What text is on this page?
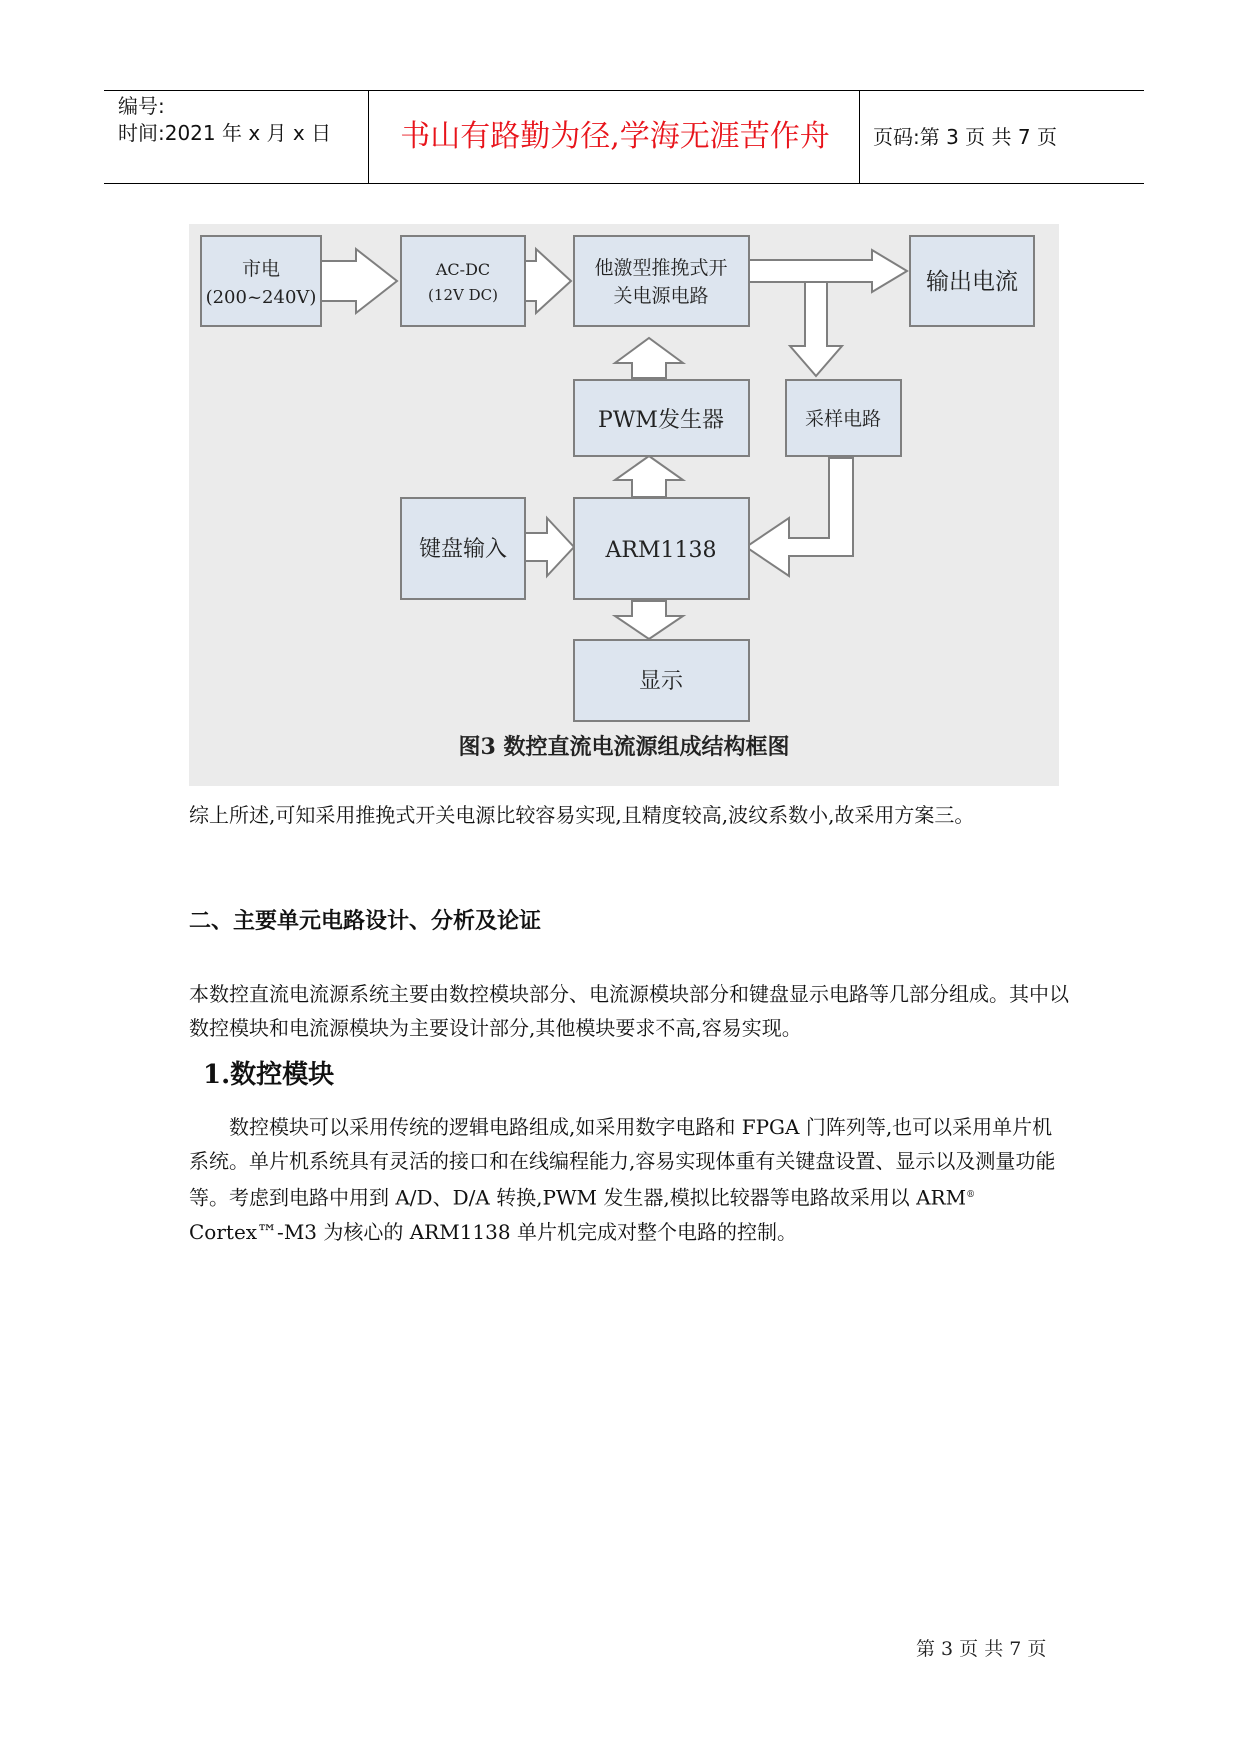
编号:
时间:2021 年 x 月 x 日	书山有路勤为径,学海无涯苦作舟	页码:第 3 页 共 7 页
市电
(200~240V)
AC-DC
(12V DC)
他激型推挽式开
关电源电路
输出电流
PWM发生器	采样电路
键盘输入	ARM1138
显示
图3 数控直流电流源组成结构框图
综上所述,可知采用推挽式开关电源比较容易实现,且精度较高,波纹系数小,故采用方案三。
二、主要单元电路设计、分析及论证
本数控直流电流源系统主要由数控模块部分、电流源模块部分和键盘显示电路等几部分组成。其中以数控模块和电流源模块为主要设计部分,其他模块要求不高,容易实现。
1.数控模块
数控模块可以采用传统的逻辑电路组成,如采用数字电路和 FPGA 门阵列等,也可以采用单片机系统。单片机系统具有灵活的接口和在线编程能力,容易实现体重有关键盘设置、显示以及测量功能等。考虑到电路中用到 A/D、D/A 转换,PWM 发生器,模拟比较器等电路故采用以 ARM® Cortex™-M3 为核心的 ARM1138 单片机完成对整个电路的控制。
第 3 页 共 7 页
